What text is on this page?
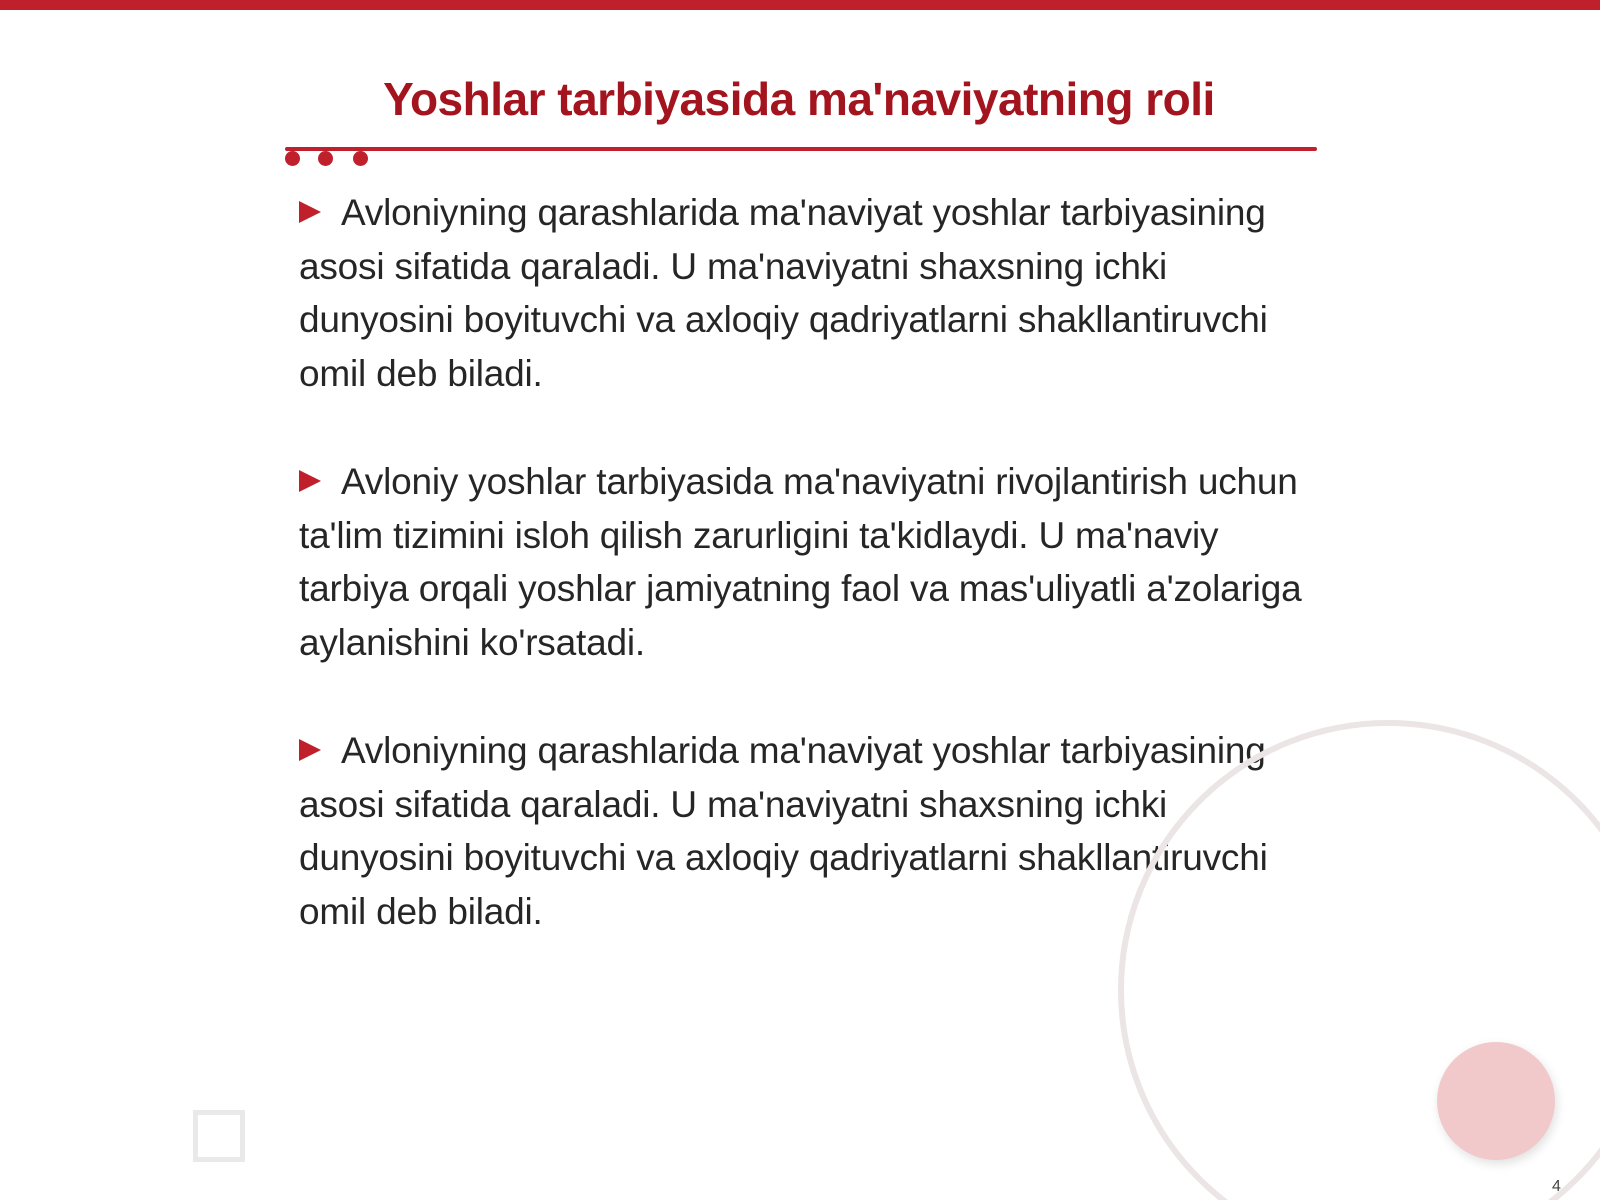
Yoshlar tarbiyasida ma'naviyatning roli

Avloniyning qarashlarida ma'naviyat yoshlar tarbiyasining asosi sifatida qaraladi. U ma'naviyatni shaxsning ichki dunyosini boyituvchi va axloqiy qadriyatlarni shakllantiruvchi omil deb biladi.

Avloniy yoshlar tarbiyasida ma'naviyatni rivojlantirish uchun ta'lim tizimini isloh qilish zarurligini ta'kidlaydi. U ma'naviy tarbiya orqali yoshlar jamiyatning faol va mas'uliyatli a'zolariga aylanishini ko'rsatadi.

Avloniyning qarashlarida ma'naviyat yoshlar tarbiyasining asosi sifatida qaraladi. U ma'naviyatni shaxsning ichki dunyosini boyituvchi va axloqiy qadriyatlarni shakllantiruvchi omil deb biladi.

4
